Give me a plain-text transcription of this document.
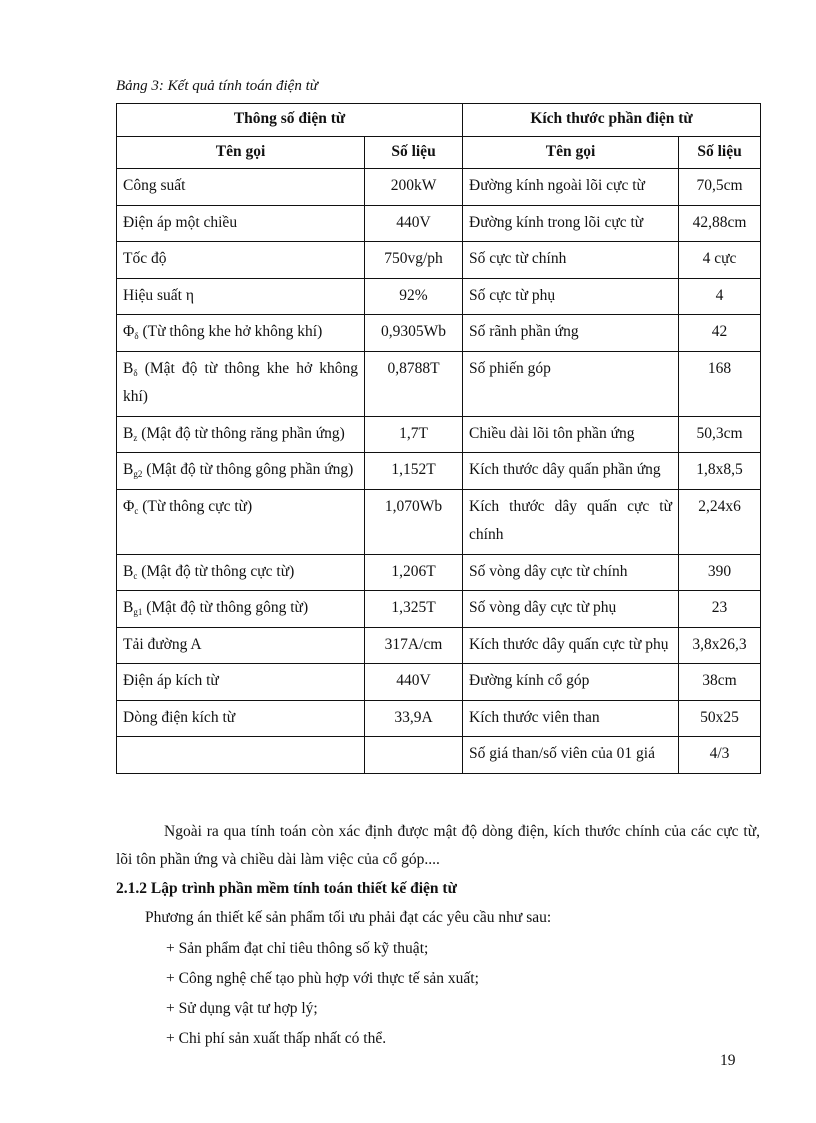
Bảng 3: Kết quả tính toán điện từ
Thông số điện từ		Kích thước phần điện từ	
Tên gọi	Số liệu	Tên gọi	Số liệu
Công suất	200kW	Đường kính ngoài lõi cực từ	70,5cm
Điện áp một chiều	440V	Đường kính trong lõi cực từ	42,88cm
Tốc độ	750vg/ph	Số cực từ chính	4 cực
Hiệu suất η	92%	Số cực từ phụ	4
$\Phi_\delta$ (Từ thông khe hở không khí)	0,9305Wb	Số rãnh phần ứng	42
$B_\delta$ (Mật độ từ thông khe hở không khí)	0,8788T	Số phiến góp	168
$B_z$ (Mật độ từ thông răng phần ứng)	1,7T	Chiều dài lõi tôn phần ứng	50,3cm
$B_{g2}$ (Mật độ từ thông gông phần ứng)	1,152T	Kích thước dây quấn phần ứng	1,8x8,5
$\Phi_c$ (Từ thông cực từ)	1,070Wb	Kích thước dây quấn cực từ chính	2,24x6
$B_c$ (Mật độ từ thông cực từ)	1,206T	Số vòng dây cực từ chính	390
$B_{g1}$ (Mật độ từ thông gông từ)	1,325T	Số vòng dây cực từ phụ	23
Tải đường A	317A/cm	Kích thước dây quấn cực từ phụ	3,8x26,3
Điện áp kích từ	440V	Đường kính cổ góp	38cm
Dòng điện kích từ	33,9A	Kích thước viên than	50x25
		Số giá than/số viên của 01 giá	4/3
Ngoài ra qua tính toán còn xác định được mật độ dòng điện, kích thước chính của các cực từ, lõi tôn phần ứng và chiều dài làm việc của cổ góp....
2.1.2 Lập trình phần mềm tính toán thiết kế điện từ
Phương án thiết kế sản phẩm tối ưu phải đạt các yêu cầu như sau:
+ Sản phẩm đạt chỉ tiêu thông số kỹ thuật;
+ Công nghệ chế tạo phù hợp với thực tế sản xuất;
+ Sử dụng vật tư hợp lý;
+ Chi phí sản xuất thấp nhất có thể.
19
